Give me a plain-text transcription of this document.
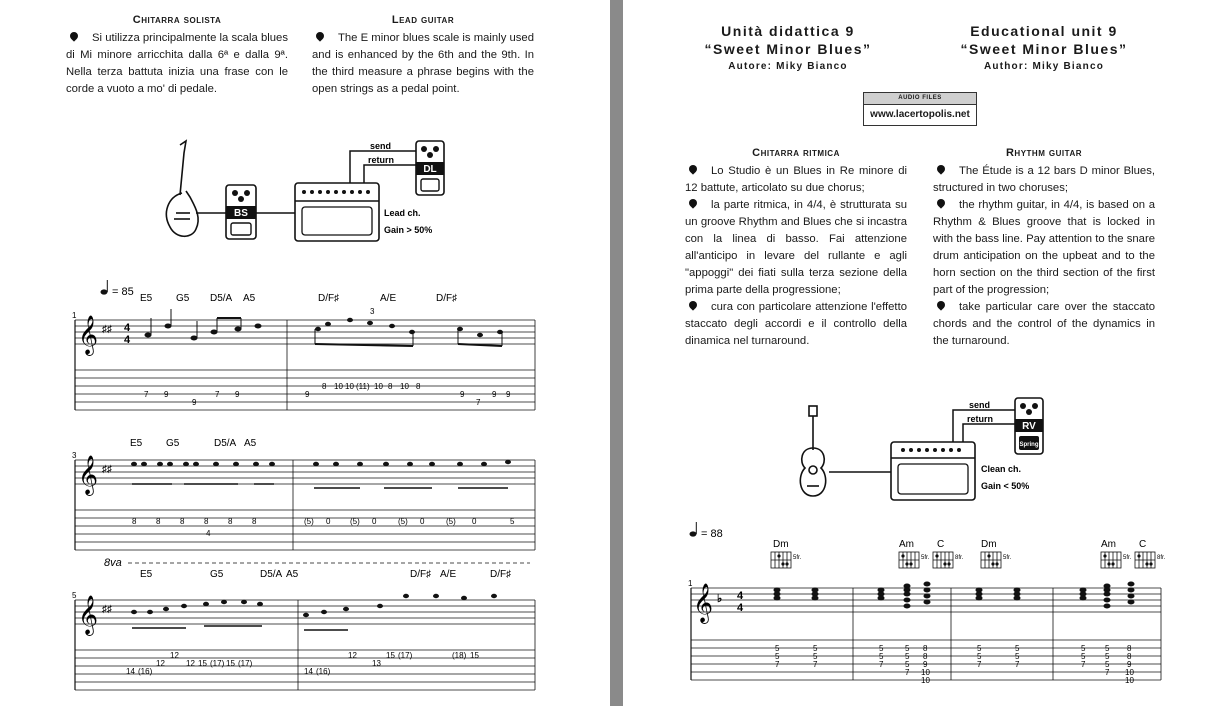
Chitarra solista

Si utilizza principalmente la scala blues di Mi minore arricchita dalla 6ª e dalla 9ª. Nella terza battuta inizia una frase con le corde a vuoto a mo' di pedale.

Lead guitar

The E minor blues scale is mainly used and is enhanced by the 6th and the 9th. In the third measure a phrase begins with the open strings as a pedal point.

BS
send
return
DL
Lead ch.
Gain > 50%
= 85
𝄞
𝄞
𝄞
♯♯
♯♯
♯♯
4
4
1
3
5
E5 G5 D5/A A5	D/F♯	A/E	D/F♯
3
7 9
9
7 9	9
8 10 10 (11) 10 8 10 8
9
7
9 9
E5 G5	D5/A A5
8 8 8 8
4
8 8	(5) 0 (5) 0	(5) 0	(5) 0	5
8va
E5	G5	D5/A A5	D/F♯ A/E	D/F♯
14 (16)
12
12
12 15 (17) 15 (17)
14 (16)
12
13
15 (17)	(18) 15
Unità didattica 9
“Sweet Minor Blues”
Autore: Miky Bianco
Educational unit 9
“Sweet Minor Blues”
Author: Miky Bianco
AUDIO FILES
www.lacertopolis.net
Chitarra ritmica

Lo Studio è un Blues in Re minore di 12 battute, articolato su due chorus;

la parte ritmica, in 4/4, è strutturata su un groove Rhythm and Blues che si incastra con la linea di basso. Fai attenzione all'anticipo in levare del rullante e agli "appoggi" dei fiati sulla terza sezione della prima parte della progressione;

cura con particolare attenzione l'effetto staccato degli accordi e il controllo della dinamica nel turnaround.

Rhythm guitar

The Étude is a 12 bars D minor Blues, structured in two choruses;

the rhythm guitar, in 4/4, is based on a Rhythm & Blues groove that is locked in with the bass line. Pay attention to the snare drum anticipation on the upbeat and to the horn section on the third section of the first part of the progression;

take particular care over the staccato chords and the control of the dynamics in the turnaround.

send
return
RV
Spring
Clean ch.
Gain < 50%
= 88
Dm	Am C	Dm	Am C
5fr.	5fr.	8fr.	5fr.	5fr.	8fr.
1
𝄞 ♭ 4
4
5
5
7
5
5
7
5
5
7
5
5
5
7
8
8
9
10
10
5
5
7
5
5
7
5
5
7
5
5
5
7
8
8
9
10
10
